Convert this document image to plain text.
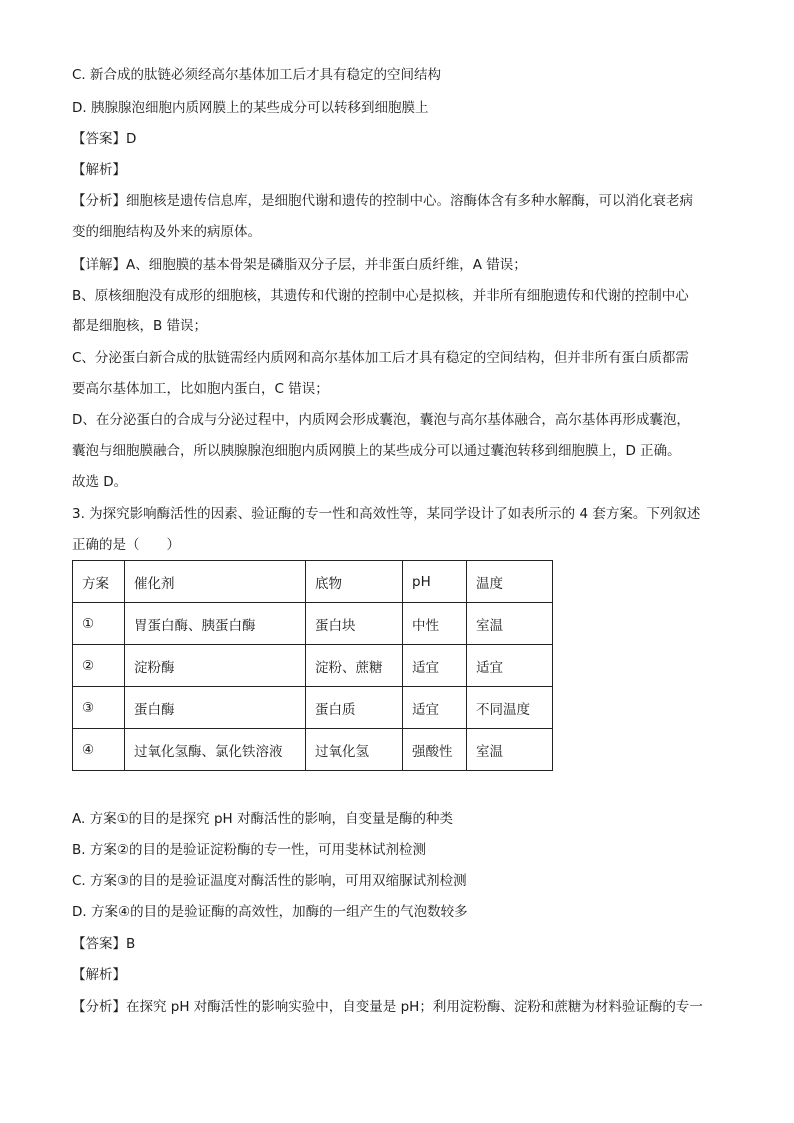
C. 新合成的肽链必须经高尔基体加工后才具有稳定的空间结构
D. 胰腺腺泡细胞内质网膜上的某些成分可以转移到细胞膜上
【答案】D
【解析】
【分析】细胞核是遗传信息库，是细胞代谢和遗传的控制中心。溶酶体含有多种水解酶，可以消化衰老病
变的细胞结构及外来的病原体。
【详解】A、细胞膜的基本骨架是磷脂双分子层，并非蛋白质纤维，A 错误；
B、原核细胞没有成形的细胞核，其遗传和代谢的控制中心是拟核，并非所有细胞遗传和代谢的控制中心
都是细胞核，B 错误；
C、分泌蛋白新合成的肽链需经内质网和高尔基体加工后才具有稳定的空间结构，但并非所有蛋白质都需
要高尔基体加工，比如胞内蛋白，C 错误；
D、在分泌蛋白的合成与分泌过程中，内质网会形成囊泡，囊泡与高尔基体融合，高尔基体再形成囊泡，
囊泡与细胞膜融合，所以胰腺腺泡细胞内质网膜上的某些成分可以通过囊泡转移到细胞膜上，D 正确。
故选 D。
3. 为探究影响酶活性的因素、验证酶的专一性和高效性等，某同学设计了如表所示的 4 套方案。下列叙述
正确的是（　　）
方案	催化剂	底物	pH	温度
①	胃蛋白酶、胰蛋白酶	蛋白块	中性	室温
②	淀粉酶	淀粉、蔗糖	适宜	适宜
③	蛋白酶	蛋白质	适宜	不同温度
④	过氧化氢酶、氯化铁溶液	过氧化氢	强酸性	室温
A. 方案①的目的是探究 pH 对酶活性的影响，自变量是酶的种类
B. 方案②的目的是验证淀粉酶的专一性，可用斐林试剂检测
C. 方案③的目的是验证温度对酶活性的影响，可用双缩脲试剂检测
D. 方案④的目的是验证酶的高效性，加酶的一组产生的气泡数较多
【答案】B
【解析】
【分析】在探究 pH 对酶活性的影响实验中，自变量是 pH；利用淀粉酶、淀粉和蔗糖为材料验证酶的专一
